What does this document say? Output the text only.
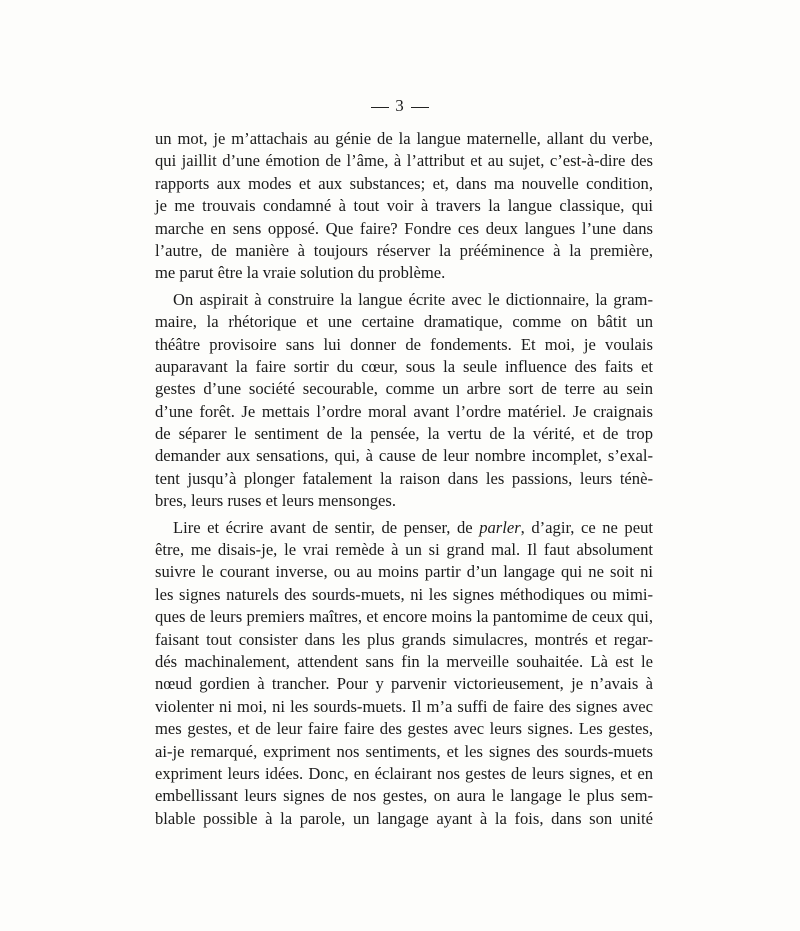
3
un mot, je m’attachais au génie de la langue maternelle, allant du verbe,
qui jaillit d’une émotion de l’âme, à l’attribut et au sujet, c’est-à-dire des
rapports aux modes et aux substances; et, dans ma nouvelle condition,
je me trouvais condamné à tout voir à travers la langue classique, qui
marche en sens opposé. Que faire? Fondre ces deux langues l’une dans
l’autre, de manière à toujours réserver la prééminence à la première,
me parut être la vraie solution du problème.
On aspirait à construire la langue écrite avec le dictionnaire, la gram-
maire, la rhétorique et une certaine dramatique, comme on bâtit un
théâtre provisoire sans lui donner de fondements. Et moi, je voulais
auparavant la faire sortir du cœur, sous la seule influence des faits et
gestes d’une société secourable, comme un arbre sort de terre au sein
d’une forêt. Je mettais l’ordre moral avant l’ordre matériel. Je craignais
de séparer le sentiment de la pensée, la vertu de la vérité, et de trop
demander aux sensations, qui, à cause de leur nombre incomplet, s’exal-
tent jusqu’à plonger fatalement la raison dans les passions, leurs ténè-
bres, leurs ruses et leurs mensonges.
Lire et écrire avant de sentir, de penser, de parler, d’agir, ce ne peut
être, me disais-je, le vrai remède à un si grand mal. Il faut absolument
suivre le courant inverse, ou au moins partir d’un langage qui ne soit ni
les signes naturels des sourds-muets, ni les signes méthodiques ou mimi-
ques de leurs premiers maîtres, et encore moins la pantomime de ceux qui,
faisant tout consister dans les plus grands simulacres, montrés et regar-
dés machinalement, attendent sans fin la merveille souhaitée. Là est le
nœud gordien à trancher. Pour y parvenir victorieusement, je n’avais à
violenter ni moi, ni les sourds-muets. Il m’a suffi de faire des signes avec
mes gestes, et de leur faire faire des gestes avec leurs signes. Les gestes,
ai-je remarqué, expriment nos sentiments, et les signes des sourds-muets
expriment leurs idées. Donc, en éclairant nos gestes de leurs signes, et en
embellissant leurs signes de nos gestes, on aura le langage le plus sem-
blable possible à la parole, un langage ayant à la fois, dans son unité
